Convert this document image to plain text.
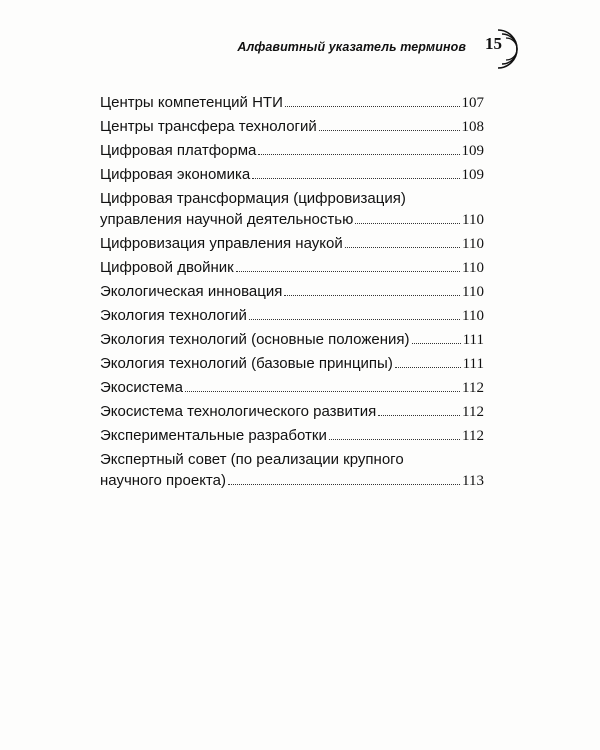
Алфавитный указатель терминов 15
Центры компетенций НТИ	107
Центры трансфера технологий	108
Цифровая платформа	109
Цифровая экономика	109
Цифровая трансформация (цифровизация)
управления научной деятельностью	110
Цифровизация управления наукой	110
Цифровой двойник	110
Экологическая инновация	110
Экология технологий	110
Экология технологий (основные положения)	111
Экология технологий (базовые принципы)	111
Экосистема	112
Экосистема технологического развития	112
Экспериментальные разработки	112
Экспертный совет (по реализации крупного
научного проекта)	113
